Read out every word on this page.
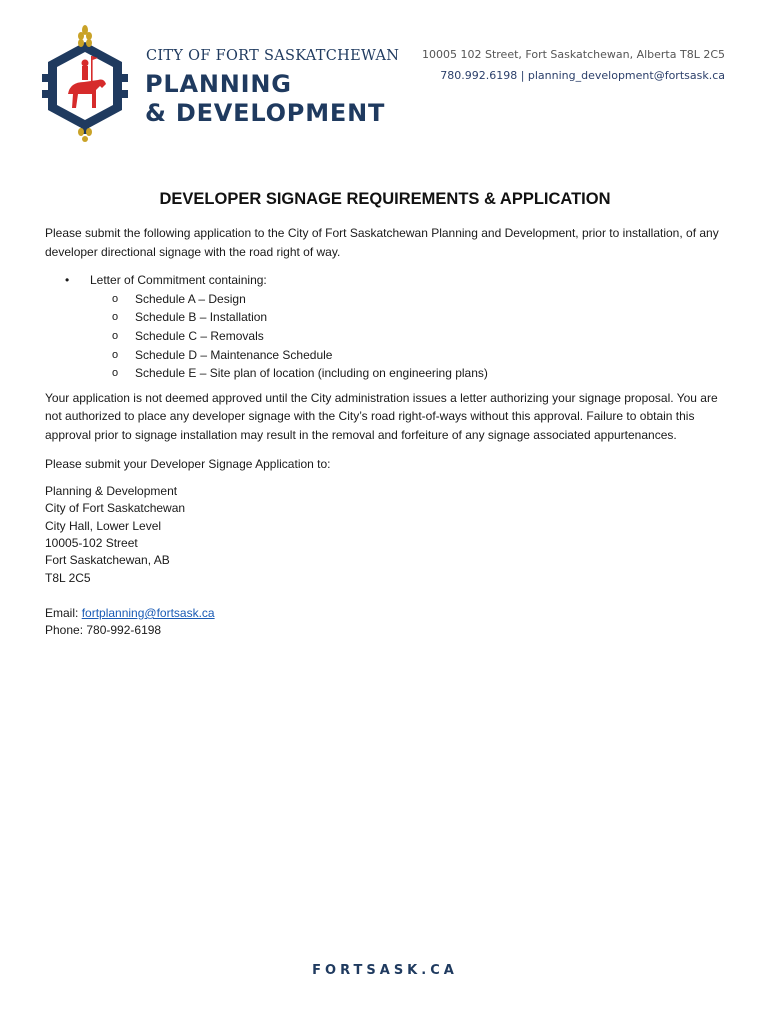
CITY OF FORT SASKATCHEWAN
PLANNING
& DEVELOPMENT
10005 102 Street, Fort Saskatchewan, Alberta T8L 2C5
780.992.6198 | planning_development@fortsask.ca
DEVELOPER SIGNAGE REQUIREMENTS & APPLICATION

Please submit the following application to the City of Fort Saskatchewan Planning and Development, prior to installation, of any developer directional signage with the road right of way.

• Letter of Commitment containing:
o Schedule A – Design
o Schedule B – Installation
o Schedule C – Removals
o Schedule D – Maintenance Schedule
o Schedule E – Site plan of location (including on engineering plans)

Your application is not deemed approved until the City administration issues a letter authorizing your signage proposal. You are not authorized to place any developer signage with the City’s road right-of-ways without this approval. Failure to obtain this approval prior to signage installation may result in the removal and forfeiture of any signage associated appurtenances.

Please submit your Developer Signage Application to:

Planning & Development
City of Fort Saskatchewan
City Hall, Lower Level
10005-102 Street
Fort Saskatchewan, AB
T8L 2C5
Email: fortplanning@fortsask.ca
Phone: 780-992-6198
FORTSASK.CA
